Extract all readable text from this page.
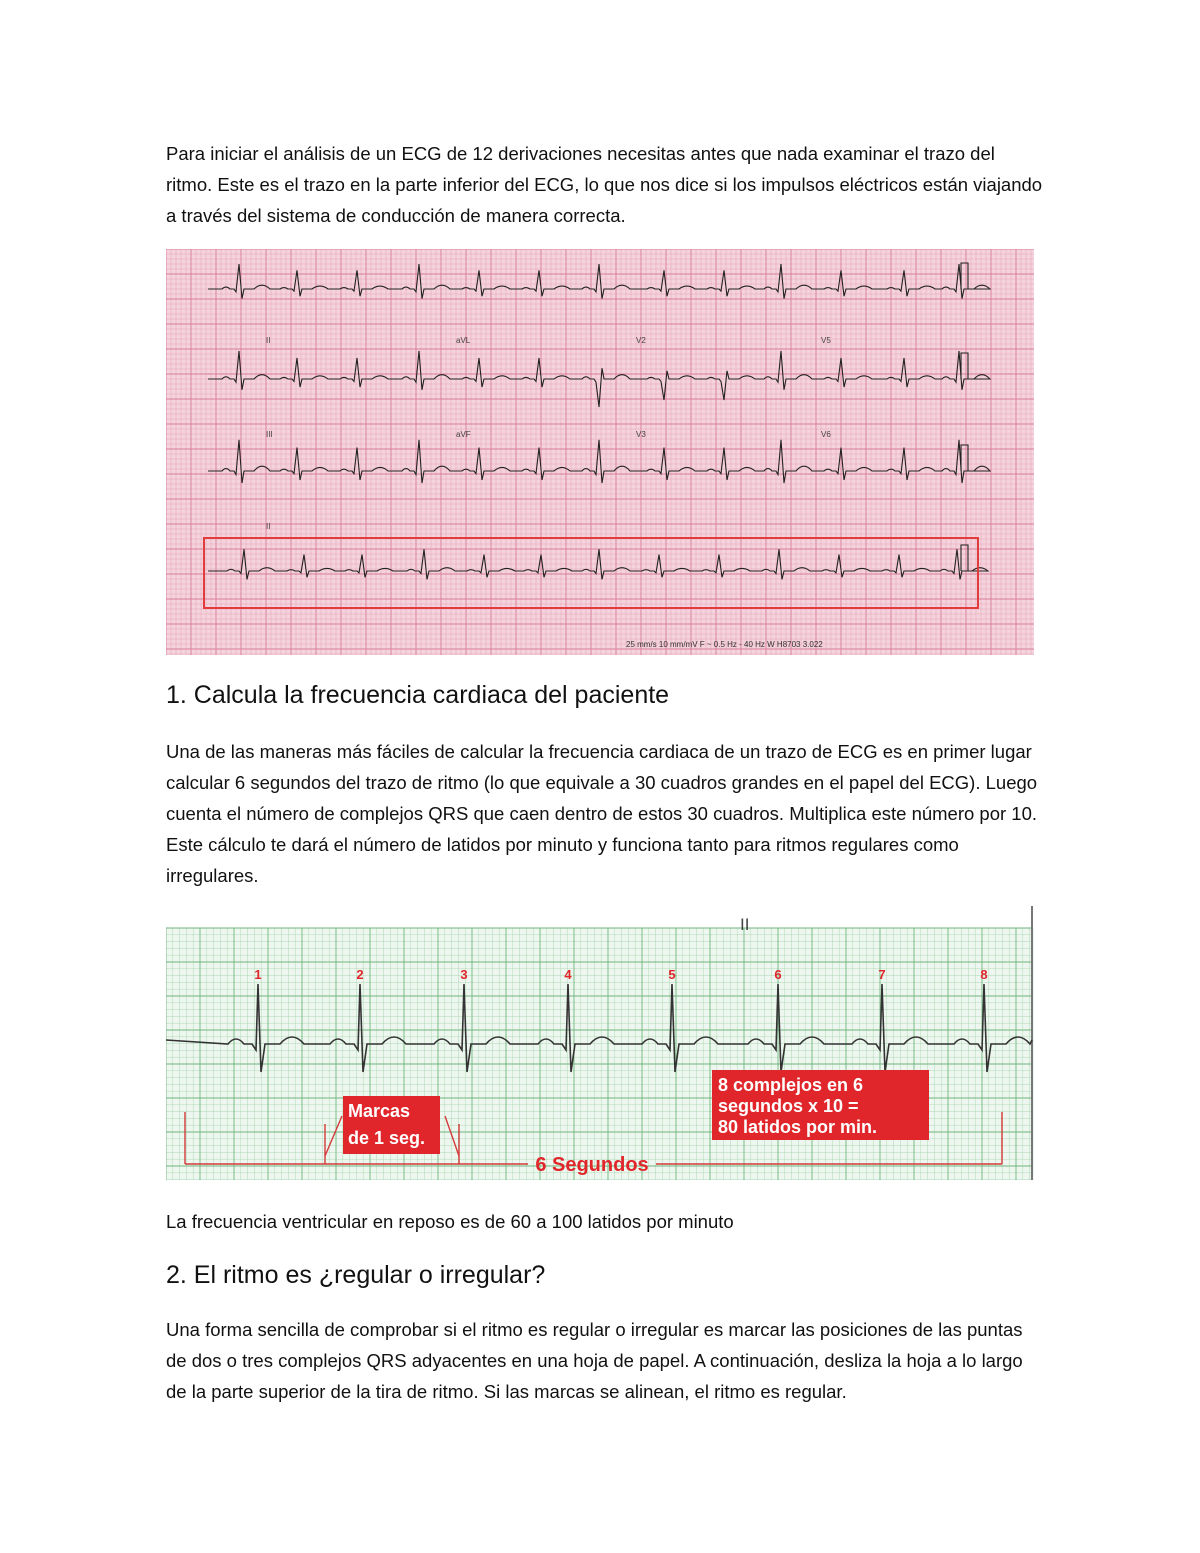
Para iniciar el análisis de un ECG de 12 derivaciones necesitas antes que nada examinar el trazo del ritmo. Este es el trazo en la parte inferior del ECG, lo que nos dice si los impulsos eléctricos están viajando a través del sistema de conducción de manera correcta.

II	aVL	V2	V5
III	aVF	V3	V6
II
25 mm/s 10 mm/mV F ~ 0.5 Hz - 40 Hz W H8703 3.022
1. Calcula la frecuencia cardiaca del paciente

Una de las maneras más fáciles de calcular la frecuencia cardiaca de un trazo de ECG es en primer lugar calcular 6 segundos del trazo de ritmo (lo que equivale a 30 cuadros grandes en el papel del ECG). Luego cuenta el número de complejos QRS que caen dentro de estos 30 cuadros. Multiplica este número por 10. Este cálculo te dará el número de latidos por minuto y funciona tanto para ritmos regulares como irregulares.

II
1	2	3	4	5	6	7	8
Marcas
de 1 seg.
8 complejos en 6
segundos x 10 =
80 latidos por min.
6 Segundos

La frecuencia ventricular en reposo es de 60 a 100 latidos por minuto

2. El ritmo es ¿regular o irregular?

Una forma sencilla de comprobar si el ritmo es regular o irregular es marcar las posiciones de las puntas de dos o tres complejos QRS adyacentes en una hoja de papel. A continuación, desliza la hoja a lo largo de la parte superior de la tira de ritmo. Si las marcas se alinean, el ritmo es regular.
